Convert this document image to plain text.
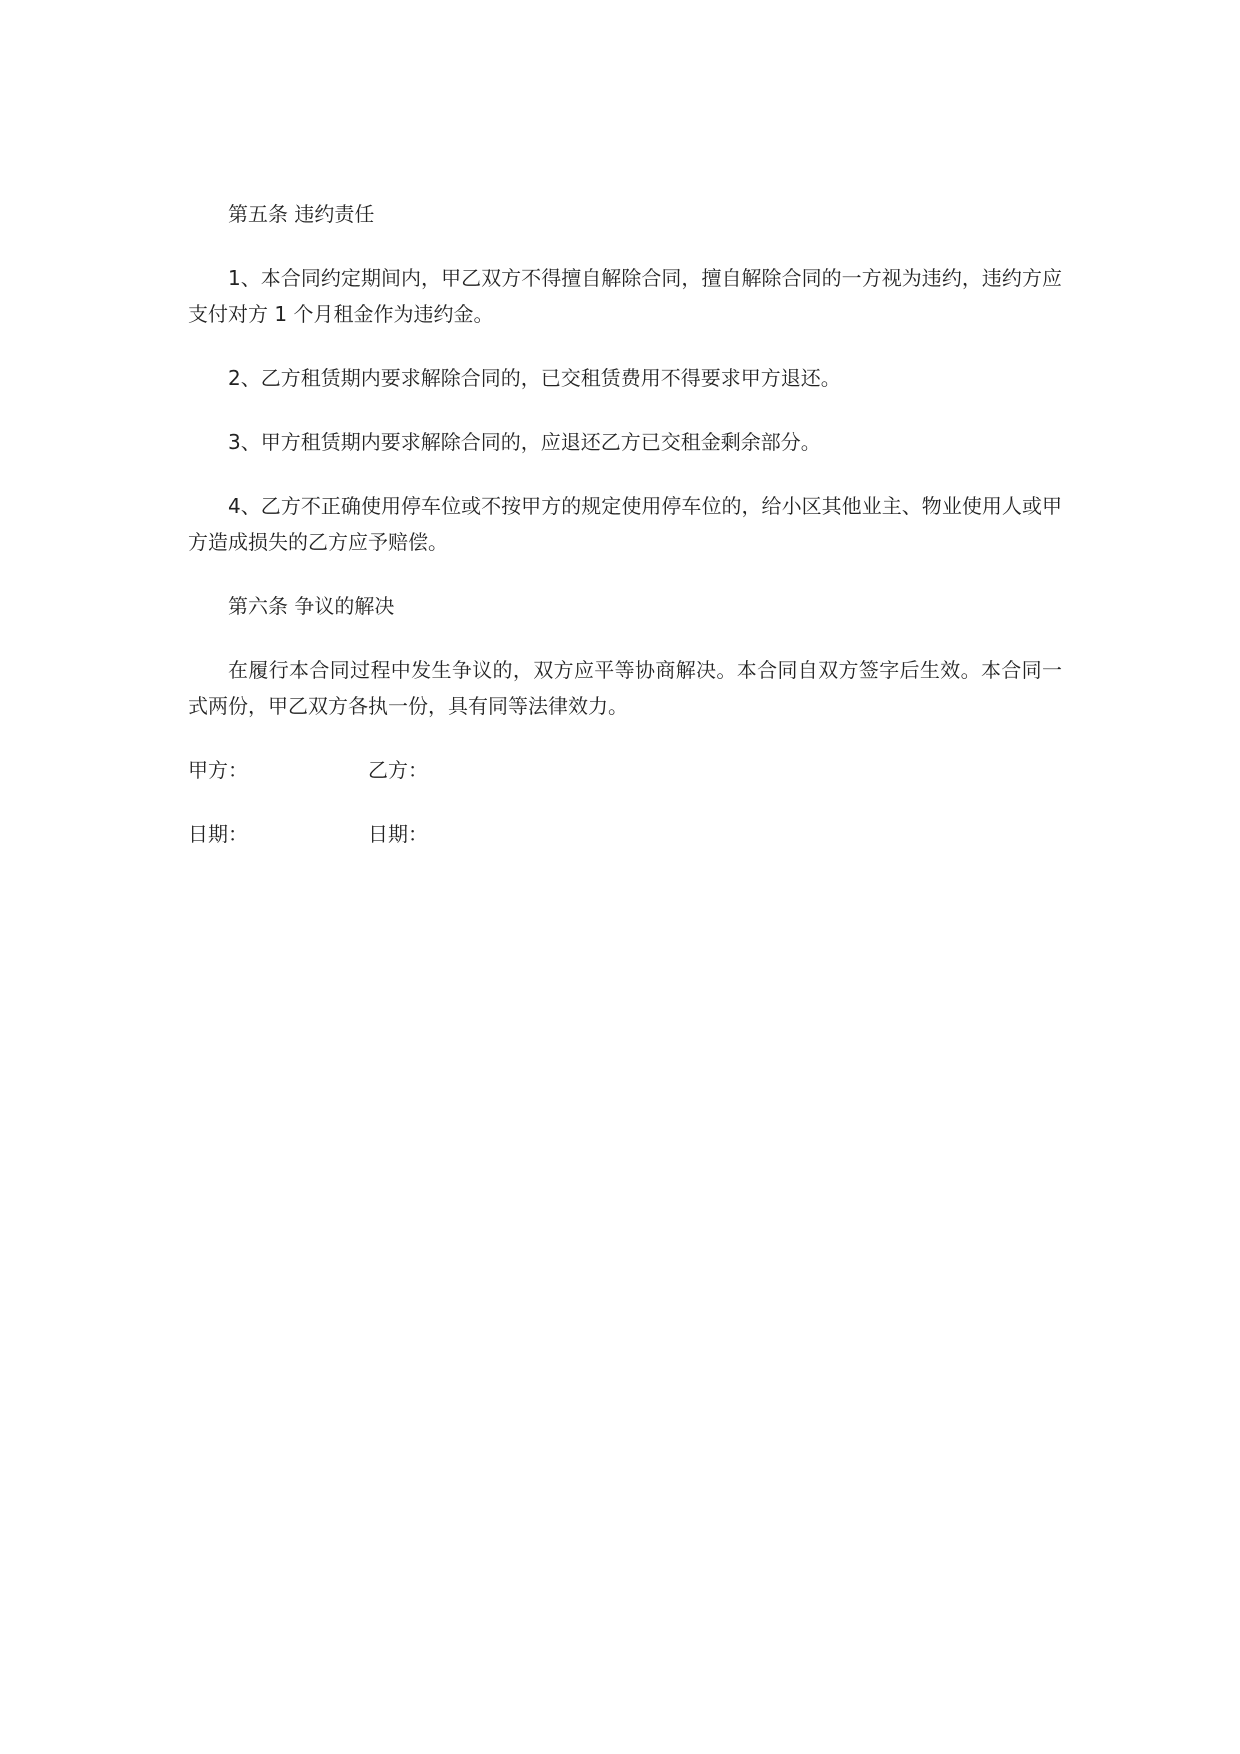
第五条 违约责任
1、本合同约定期间内，甲乙双方不得擅自解除合同，擅自解除合同的一方视为违约，违约方应支付对方 1 个月租金作为违约金。
2、乙方租赁期内要求解除合同的，已交租赁费用不得要求甲方退还。
3、甲方租赁期内要求解除合同的，应退还乙方已交租金剩余部分。
4、乙方不正确使用停车位或不按甲方的规定使用停车位的，给小区其他业主、物业使用人或甲方造成损失的乙方应予赔偿。
第六条 争议的解决
在履行本合同过程中发生争议的，双方应平等协商解决。本合同自双方签字后生效。本合同一式两份，甲乙双方各执一份，具有同等法律效力。
甲方：	乙方：
日期：	日期：
